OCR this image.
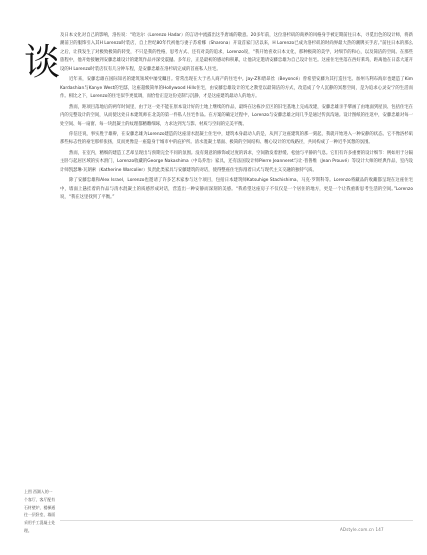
谈

及日本文化对自己的影响，洛佐说：“哈达尔（Lorenzo Hadar）的言语中流露出这乎唐诚的敬意。20多年前，这位洛杉矶的商界的风格身手被定期前往日本，寻觅出色的设计师，将新潮前卫的服饰引入其H Lorenzo时装店，自上世纪80年代初他与妻子苏希娜（Sharona）开设首家门店以来，H Lorenzo已成为洛杉矶的时尚界最大热的潮牌买手店。”前往日本的那么之后，让我发生了对极致极简的转变，不只是我的性格，思考方式、还有对美的追求，Lorenzo说，“我开始喜欢日本文化，那种极简的美学，对细节的和心，以及简洁的空间。在那些旅程中，他开始接触到安藤忠雄设计的建筑作品并深受震撼。多年后，正是最初的感动和积累，让他决定邀请安藤忠雄为自己设计住宅。这座住宅坐落在西好莱坞，距离他在日落大道开设的H Lorenzo时装店仅有几分钟车程，是安藤忠雄在洛杉矶完成的首座私人住宅。

近年来，安藤忠雄在国际知名的建筑领域中屡受瞩目。常常出现在大于名人商产的住宅中。Jay-Z和碧昂丝（Beyoncé）曾希望安藤为其打造住宅。加州马利布海岸也建造了Kim Kardashian与Kanye West的宅邸，这座超级简单的Hollywood Hills住宅，由安藤忠雄设计的光之教堂以最简洁的方式，改造成了令人沉静的冥想空间，是为追求心灵安宁的生活而作。相比之下，Lorenzo的住宅似乎更低调，而恰恰正是这份克制与沉静，才是这座建筑最动人的地方。

然而，距项目落地后的两年时间里，由于这一处不能在原本设计好的土地上继续的作品，最终在这栋沙丘区的旧宅基地上完成改建，安藤忠雄亲手擘画了由地面到屋顶、包括住宅在内的完整设计的空间，从而使这处日本建筑师在北美的第一件私人住宅作品。在方案的确定过程中，Lorenzo与安藤忠雄之间几乎是通过传真沟通。设计图纸的往返中，安藤忠雄对每一处空间、每一扇窗、每一块混凝土的纹理都精雕细琢，力求达到光与影、材质与空间的完美平衡。

你信还说，事实胜于雄辩，在安藤忠雄为Lorenzo建造的这座清水混凝土住宅中，建筑本身最动人的是，从到了这座建筑的那一刻起，我就开始进入一种安静的状态。它不像洛杉矶那些标志性的豪宅那样张扬，反而更像是一座隐身于城市中的庇护所。清水混凝土墙面、极简的空间结构、精心设计的光线路径，共同构成了一种近乎冥想的氛围。

然而，在室内，精细的建造工艺却呈现出与预期完全不同的氛围。没有刻意的修饰或过度的诉求，空间散发着舒缓、松弛与平静的气息。它们有许多重要的设计细节：例如用于分隔主卧与起居区域的实木滑门，Lorenzo收藏的George Nakashima（中岛乔治）家具，还有法国设计师Pierre Jeanneret与让·普鲁维（Jean Prouvé）等设计大师的经典作品，室内设计师凯瑟琳·瓦朗索（Katherine Warcolier）负责此类家具与安藤建筑的对话，使得整座住宅弥漫着日式与现代主义交融的独特气质。

除了安藤忠雄和Alex Israel，Lorenzo也邀请了许多艺术家参与这个项目，包括日本建筑师Katsuhige Stachishima、马克·罗斯科等。Lorenzo将藏品的收藏都呈现在这座住宅中，墙面上悬挂着的作品与清水混凝土的质感形成对话，营造出一种安静而深刻的美感。“我希望这座房子不仅仅是一个居住的地方，更是一个让我重新思考生活的空间。”Lorenzo说，“我在这里找到了平衡。”

上图 西湖入的一个客厅，客厅配有石材壁炉，楼梯通往一层卧室，墙面采用手工混凝土处理。	ADstyle.com.cn 147
